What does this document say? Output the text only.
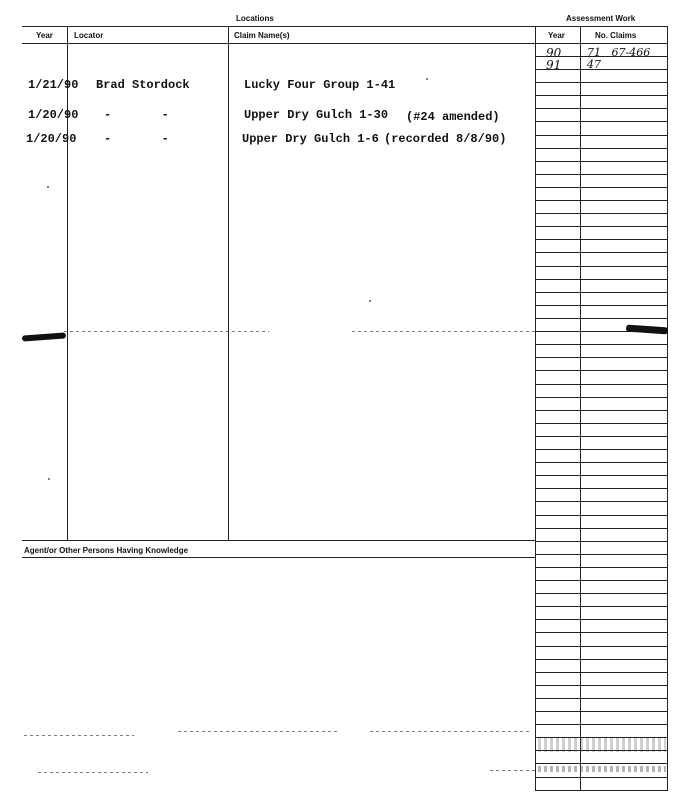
Locations	Assessment Work
Year	Locator	Claim Name(s)	Year	No. Claims
Agent/or Other Persons Having Knowledge
1/21/90 Brad Stordock	Lucky Four Group 1-41
1/20/90 -       -	Upper Dry Gulch 1-30 (#24 amended)
1/20/90 -       -	Upper Dry Gulch 1-6 (recorded 8/8/90)
90 71   67-466
91 47
